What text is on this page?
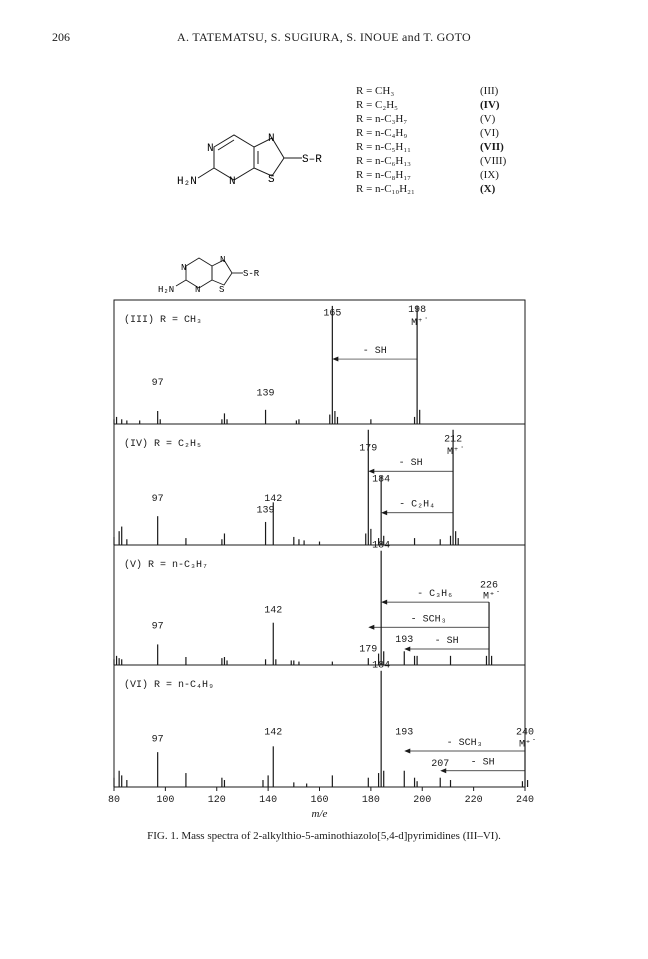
206	A. TATEMATSU, S. SUGIURA, S. INOUE and T. GOTO
N
N
N
S
S–R
H₂N
R = CH₃	(III)
R = C₂H₅	(IV)
R = n-C₃H₇	(V)
R = n-C₄H₉	(VI)
R = n-C₅H₁₁	(VII)
R = n-C₆H₁₃	(VIII)
R = n-C₈H₁₇	(IX)
R = n-C₁₀H₂₁	(X)
N
N
N
S
S-R
H₂N
(III) R = CH₃
97
139
165	198
M⁺̇
- SH
(IV) R = C₂H₅
97	142
139
179
184
212
M⁺̇
- SH
- C₂H₄
(V) R = n-C₃H₇
97
142
179
184
193
226
M⁺̇
- C₃H₆
- SCH₃
- SH
(VI) R = n-C₄H₉
97
142
184
193
207
240
M⁺̇
- SCH₃
- SH
80	100	120	140	160	180	200	220	240
m/e
FIG. 1. Mass spectra of 2-alkylthio-5-aminothiazolo[5,4-d]pyrimidines (III–VI).
